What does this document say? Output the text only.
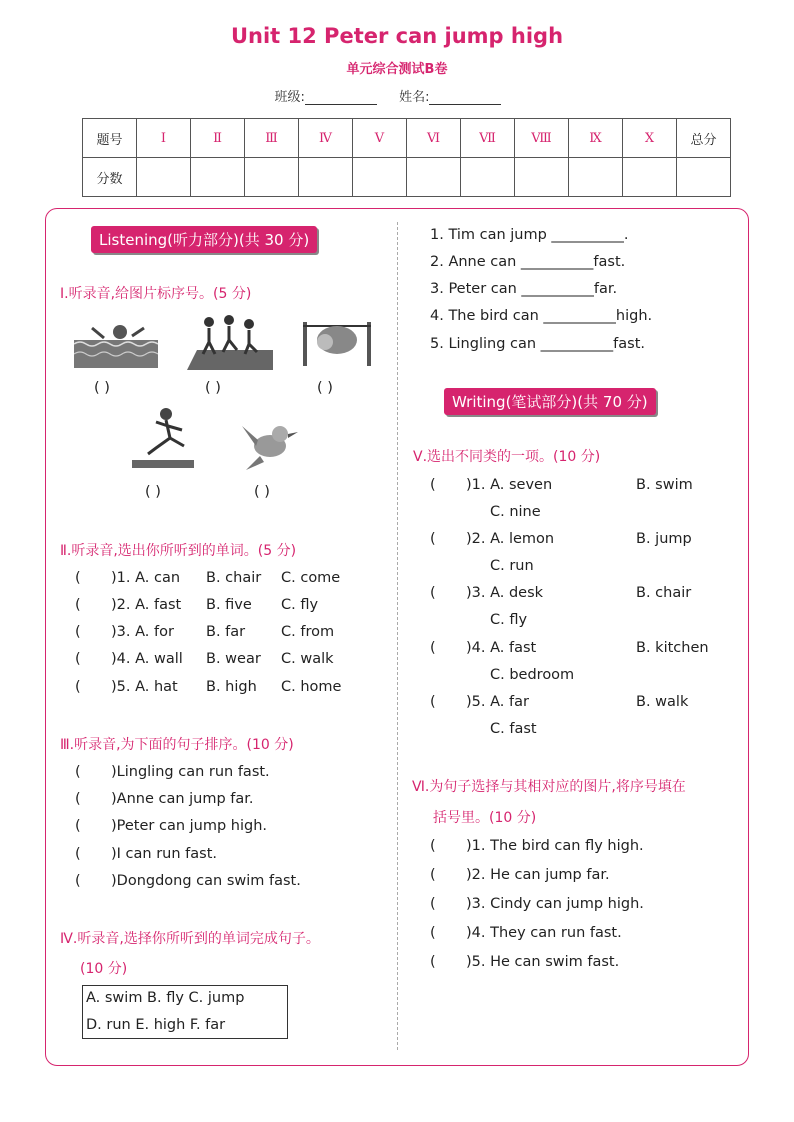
Unit 12 Peter can jump high
单元综合测试B卷
班级:	姓名:
题号	Ⅰ	Ⅱ	Ⅲ	Ⅳ	Ⅴ	Ⅵ	Ⅶ	Ⅷ	Ⅸ	Ⅹ	总分
分数											
Listening(听力部分)(共 30 分)
Ⅰ.听录音,给图片标序号。(5 分)
( )	( )	( )
( )	( )
Ⅱ.听录音,选出你所听到的单词。(5 分)
( )1. A. can B. chair C. come
( )2. A. fast B. five C. fly
( )3. A. for B. far C. from
( )4. A. wall B. wear C. walk
( )5. A. hat B. high C. home
Ⅲ.听录音,为下面的句子排序。(10 分)
( )Lingling can run fast.
( )Anne can jump far.
( )Peter can jump high.
( )I can run fast.
( )Dongdong can swim fast.
Ⅳ.听录音,选择你所听到的单词完成句子。
(10 分)
A. swim B. fly C. jump
D. run E. high F. far
1. Tim can jump __________.
2. Anne can __________fast.
3. Peter can __________far.
4. The bird can __________high.
5. Lingling can __________fast.
Writing(笔试部分)(共 70 分)
Ⅴ.选出不同类的一项。(10 分)
( )1. A. seven	B. swim
C. nine
( )2. A. lemon	B. jump
C. run
( )3. A. desk	B. chair
C. fly
( )4. A. fast	B. kitchen
C. bedroom
( )5. A. far	B. walk
C. fast
Ⅵ.为句子选择与其相对应的图片,将序号填在
括号里。(10 分)
( )1. The bird can fly high.
( )2. He can jump far.
( )3. Cindy can jump high.
( )4. They can run fast.
( )5. He can swim fast.
